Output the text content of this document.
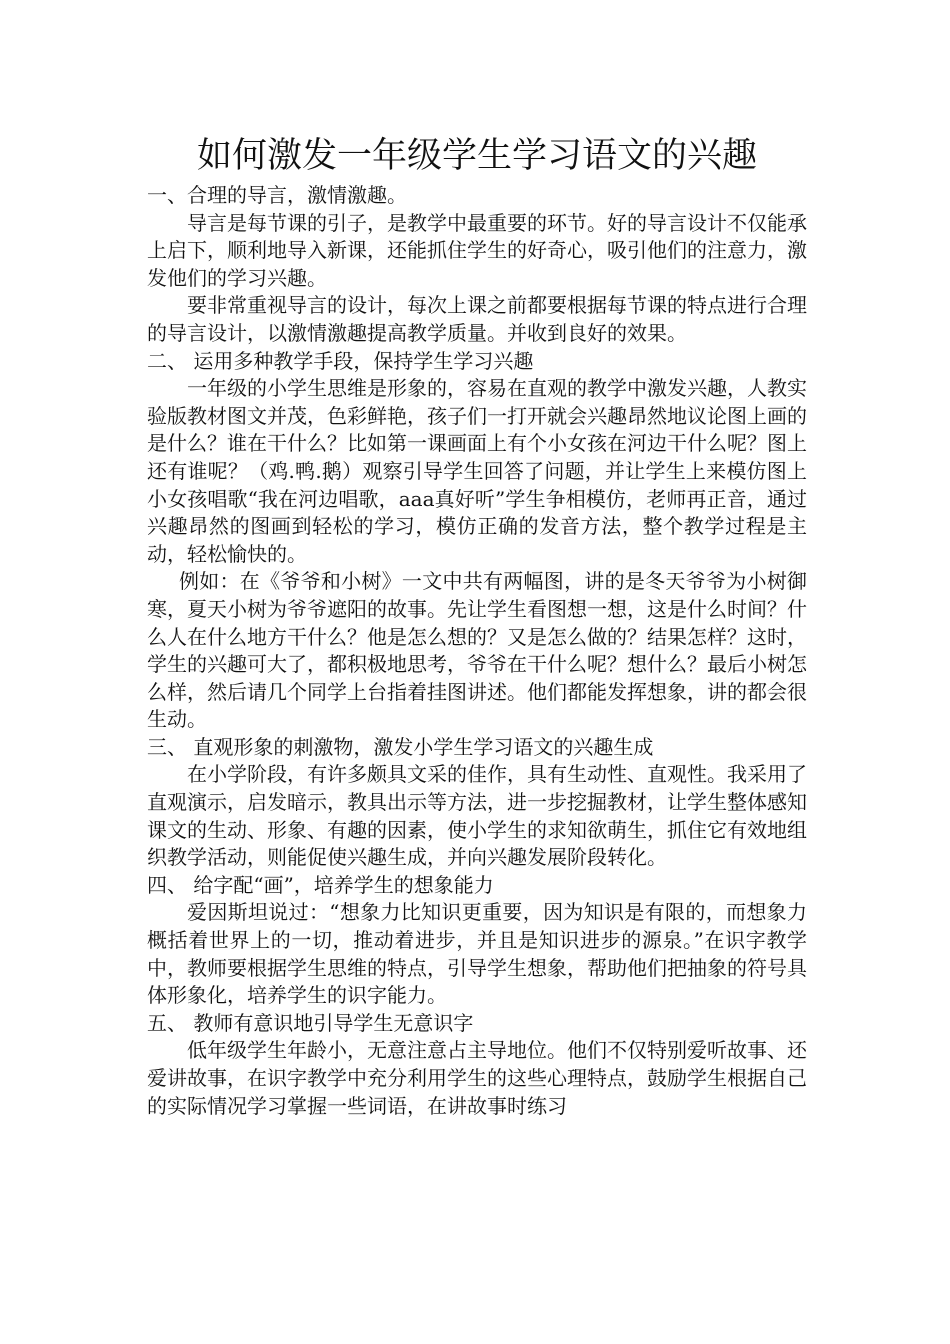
如何激发一年级学生学习语文的兴趣

一、合理的导言，激情激趣。

导言是每节课的引子，是教学中最重要的环节。好的导言设计不仅能承上启下，顺利地导入新课，还能抓住学生的好奇心，吸引他们的注意力，激发他们的学习兴趣。

要非常重视导言的设计，每次上课之前都要根据每节课的特点进行合理的导言设计，以激情激趣提高教学质量。并收到良好的效果。

二、 运用多种教学手段，保持学生学习兴趣

一年级的小学生思维是形象的，容易在直观的教学中激发兴趣，人教实验版教材图文并茂，色彩鲜艳，孩子们一打开就会兴趣昂然地议论图上画的是什么？谁在干什么？比如第一课画面上有个小女孩在河边干什么呢？图上还有谁呢？（鸡.鸭.鹅）观察引导学生回答了问题，并让学生上来模仿图上小女孩唱歌“我在河边唱歌，aaa真好听”学生争相模仿，老师再正音，通过兴趣昂然的图画到轻松的学习，模仿正确的发音方法，整个教学过程是主动，轻松愉快的。

例如：在《爷爷和小树》一文中共有两幅图，讲的是冬天爷爷为小树御寒，夏天小树为爷爷遮阳的故事。先让学生看图想一想，这是什么时间？什么人在什么地方干什么？他是怎么想的？又是怎么做的？结果怎样？这时，学生的兴趣可大了，都积极地思考，爷爷在干什么呢？想什么？最后小树怎么样，然后请几个同学上台指着挂图讲述。他们都能发挥想象，讲的都会很生动。

三、 直观形象的刺激物，激发小学生学习语文的兴趣生成

在小学阶段，有许多颇具文采的佳作，具有生动性、直观性。我采用了直观演示，启发暗示，教具出示等方法，进一步挖掘教材，让学生整体感知课文的生动、形象、有趣的因素，使小学生的求知欲萌生，抓住它有效地组织教学活动，则能促使兴趣生成，并向兴趣发展阶段转化。

四、 给字配“画”，培养学生的想象能力

爱因斯坦说过：“想象力比知识更重要，因为知识是有限的，而想象力概括着世界上的一切，推动着进步，并且是知识进步的源泉。”在识字教学中，教师要根据学生思维的特点，引导学生想象，帮助他们把抽象的符号具体形象化，培养学生的识字能力。

五、 教师有意识地引导学生无意识字

低年级学生年龄小，无意注意占主导地位。他们不仅特别爱听故事、还爱讲故事，在识字教学中充分利用学生的这些心理特点，鼓励学生根据自己的实际情况学习掌握一些词语，在讲故事时练习
